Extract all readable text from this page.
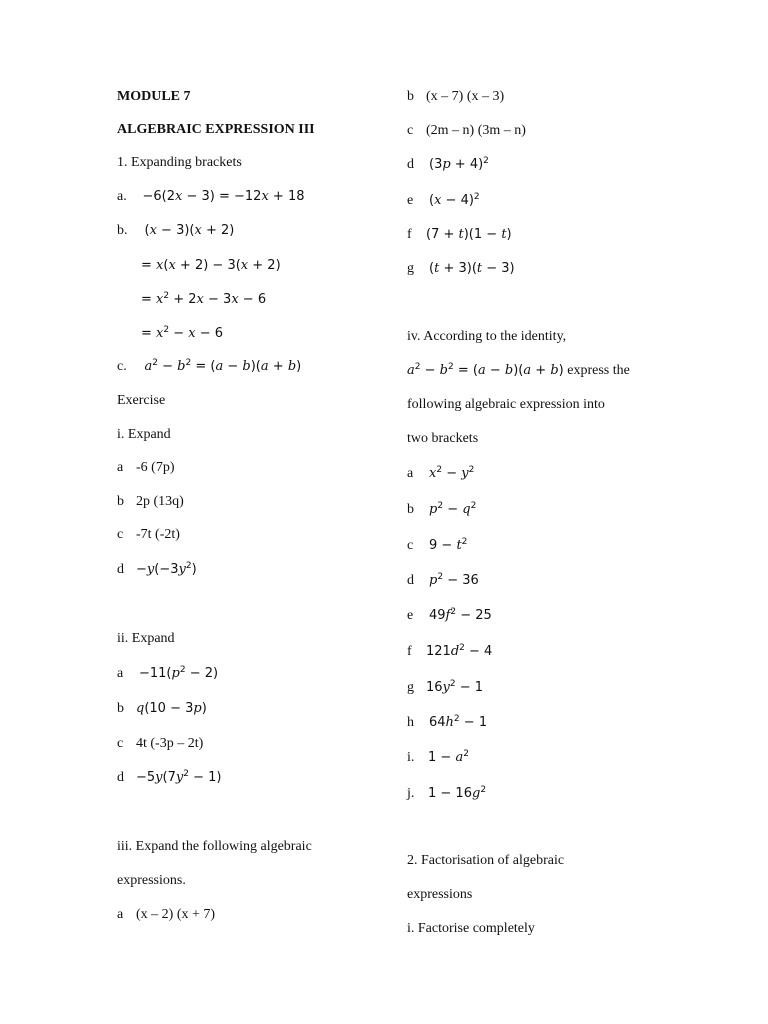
MODULE 7
ALGEBRAIC EXPRESSION III
1. Expanding brackets
a. −6(2x − 3) = −12x + 18
b. (x − 3)(x + 2)
= x(x + 2) − 3(x + 2)
= $x^2 + 2x - 3x - 6$
= $x^2 - x - 6$
c. $a^2 - b^2 = (a - b)(a + b)$
Exercise
i. Expand
a -6 (7p)
b 2p (13q)
c -7t (-2t)
$d -y(-3y^2)$
ii. Expand
$a -11(p^2 - 2)$
b q(10 − 3p)
c 4t (-3p – 2t)
$d -5y(7y^2 - 1)$
iii. Expand the following algebraic
expressions.
a (x – 2) (x + 7)
b (x – 7) (x – 3)
c (2m – n) (3m – n)
d $(3p + 4)^2$
e $(x - 4)^2$
f (7 + t)(1 − t)
g (t + 3)(t − 3)
iv. According to the identity,
$a^2 - b^2 = (a - b)(a + b)$ express the
following algebraic expression into
two brackets
a $x^2 - y^2$
b $p^2 - q^2$
c $9 - t^2$
d $p^2 - 36$
e $49f^2 - 25$
f $121d^2 - 4$
g $16y^2 - 1$
h $64h^2 - 1$
i. $1 - a^2$
j. $1 - 16g^2$
2. Factorisation of algebraic
expressions
i. Factorise completely
